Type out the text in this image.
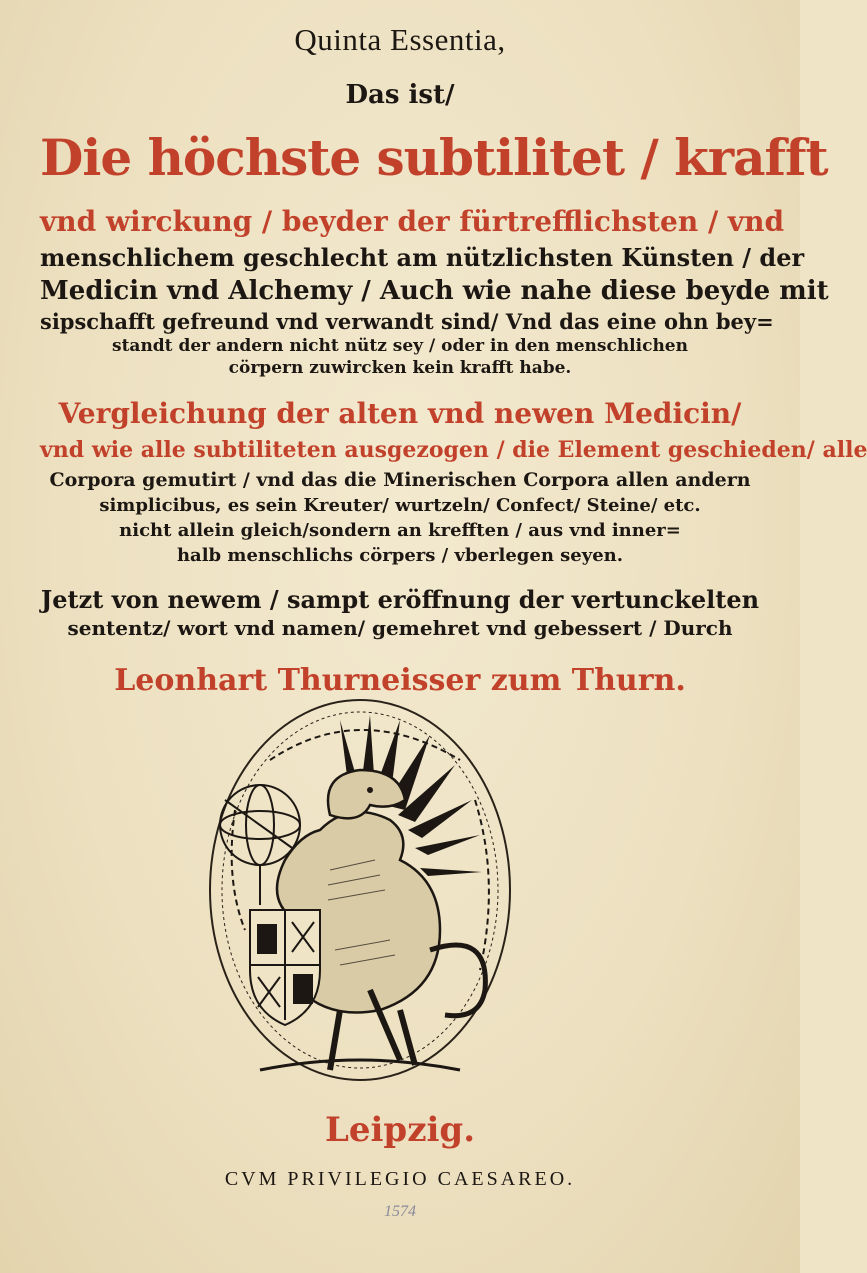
Quinta Essentia,
Das ist/
Die höchste subtilitet / krafft
vnd wirckung / beyder der fürtrefflichsten / vnd
menschlichem geschlecht am nützlichsten Künsten / der
Medicin vnd Alchemy / Auch wie nahe diese beyde mit
sipschafft gefreund vnd verwandt sind/ Vnd das eine ohn bey=
standt der andern nicht nütz sey / oder in den menschlichen
cörpern zuwircken kein krafft habe.
Vergleichung der alten vnd newen Medicin/
vnd wie alle subtiliteten ausgezogen / die Element geschieden/ alle
Corpora gemutirt / vnd das die Minerischen Corpora allen andern
simplicibus, es sein Kreuter/ wurtzeln/ Confect/ Steine/ etc.
nicht allein gleich/sondern an krefften / aus vnd inner=
halb menschlichs cörpers / vberlegen seyen.
Jetzt von newem / sampt eröffnung der vertunckelten
sententz/ wort vnd namen/ gemehret vnd gebessert / Durch
Leonhart Thurneisser zum Thurn.
Leipzig.
CVM PRIVILEGIO CAESAREO.
1574
